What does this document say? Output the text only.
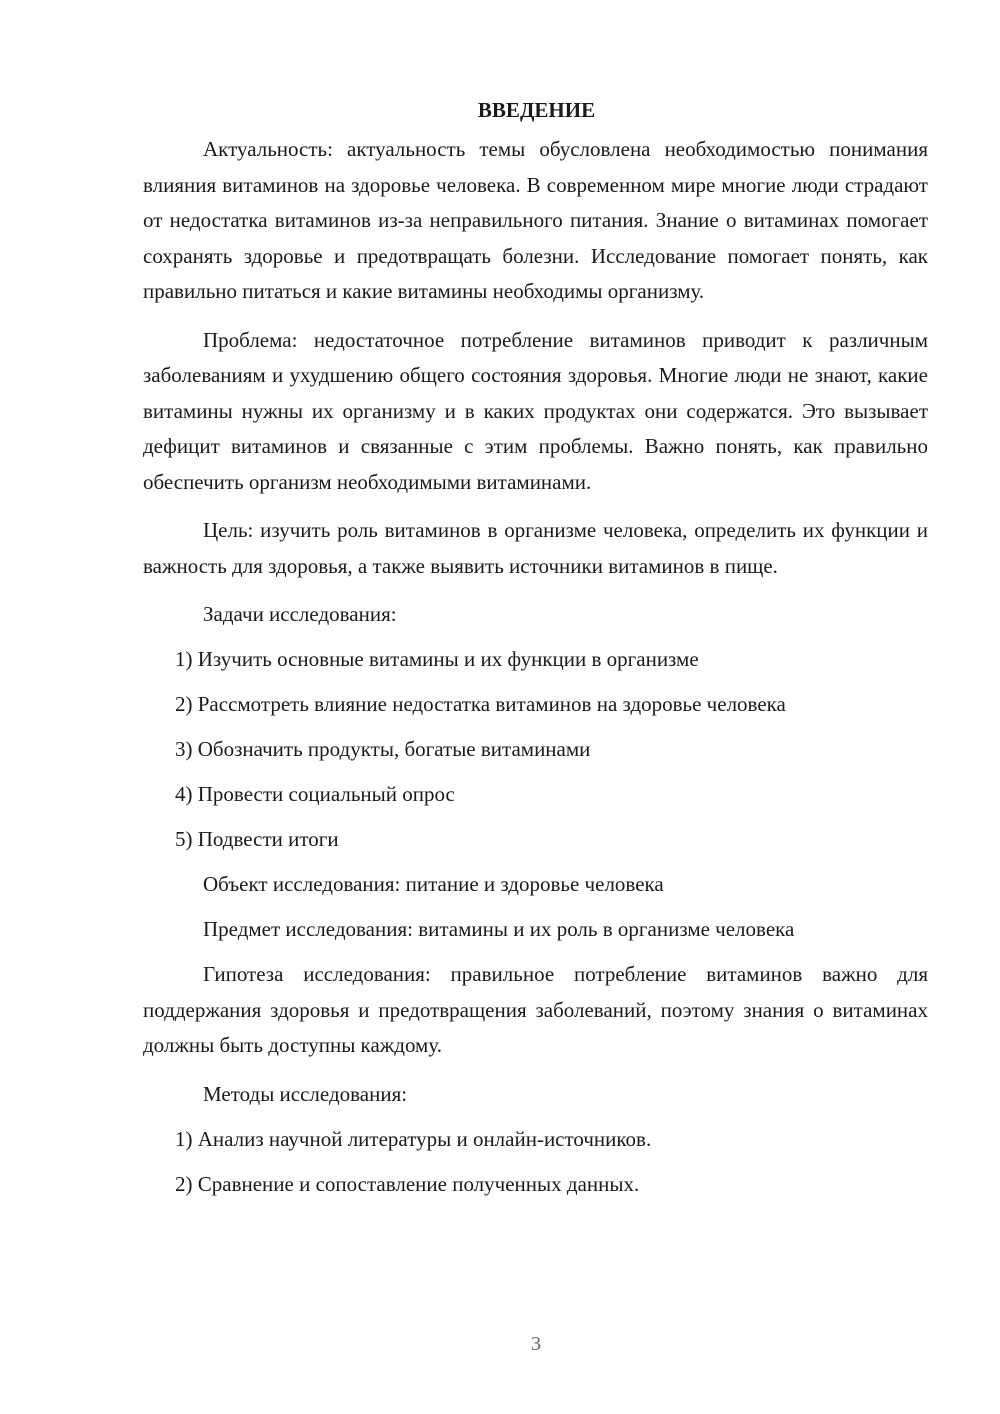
ВВЕДЕНИЕ

Актуальность: актуальность темы обусловлена необходимостью понимания влияния витаминов на здоровье человека. В современном мире многие люди страдают от недостатка витаминов из-за неправильного питания. Знание о витаминах помогает сохранять здоровье и предотвращать болезни. Исследование помогает понять, как правильно питаться и какие витамины необходимы организму.

Проблема: недостаточное потребление витаминов приводит к различным заболеваниям и ухудшению общего состояния здоровья. Многие люди не знают, какие витамины нужны их организму и в каких продуктах они содержатся. Это вызывает дефицит витаминов и связанные с этим проблемы. Важно понять, как правильно обеспечить организм необходимыми витаминами.

Цель: изучить роль витаминов в организме человека, определить их функции и важность для здоровья, а также выявить источники витаминов в пище.

Задачи исследования:
1) Изучить основные витамины и их функции в организме
2) Рассмотреть влияние недостатка витаминов на здоровье человека
3) Обозначить продукты, богатые витаминами
4) Провести социальный опрос
5) Подвести итоги
Объект исследования: питание и здоровье человека
Предмет исследования: витамины и их роль в организме человека

Гипотеза исследования: правильное потребление витаминов важно для поддержания здоровья и предотвращения заболеваний, поэтому знания о витаминах должны быть доступны каждому.

Методы исследования:
1) Анализ научной литературы и онлайн-источников.
2) Сравнение и сопоставление полученных данных.
3
